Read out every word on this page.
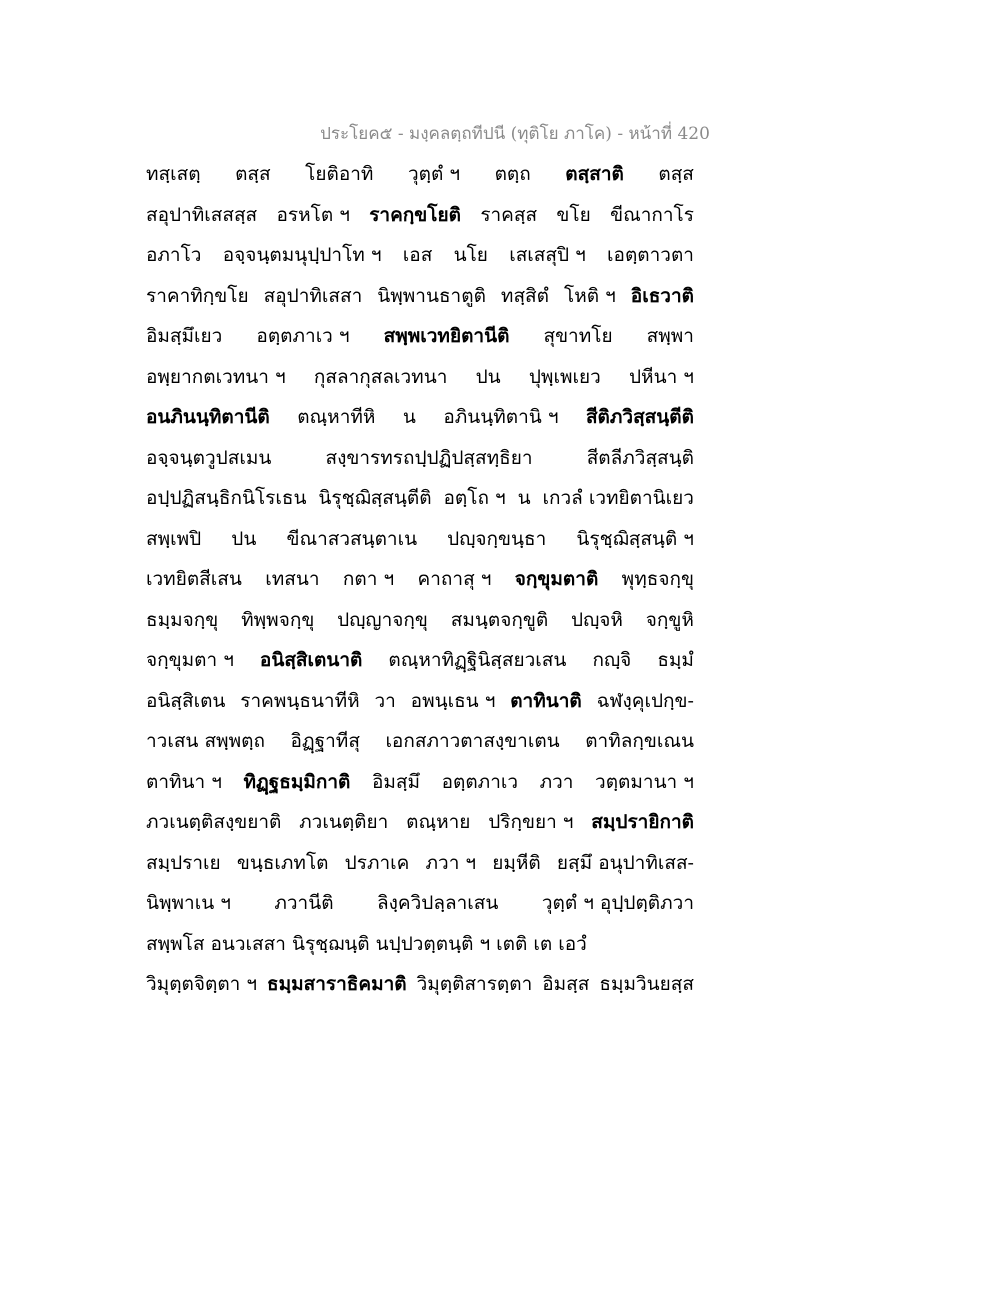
ประโยค๕ - มงฺคลตฺถทีปนี (ทุติโย ภาโค) - หน้าที่ 420
ทสฺเสตฺ ตสฺส โยติอาทิ วุตฺตํ ฯ ตตฺถ ตสฺสาติ ตสฺส
สอุปาทิเสสสฺส อรหโต ฯ ราคกฺขโยติ ราคสฺส ขโย ขีณากาโร
อภาโว อจฺจนฺตมนุปฺปาโท ฯ เอส นโย เสเสสุปิ ฯ เอตฺตาวตา
ราคาทิกฺขโย สอุปาทิเสสา นิพฺพานธาตูติ ทสฺสิตํ โหติ ฯ อิเธวาติ
อิมสฺมึเยว อตฺตภาเว ฯ สพฺพเวทยิตานีติ สุขาทโย สพฺพา
อพฺยากตเวทนา ฯ กุสลากุสลเวทนา ปน ปุพฺเพเยว ปหีนา ฯ
อนภินนฺทิตานีติ ตณฺหาทีหิ น อภินนฺทิตานิ ฯ สีติภวิสฺสนฺตีติ
อจฺจนฺตวูปสเมน	สงฺขารทรถปฺปฏิปสฺสทฺธิยา	สีตลีภวิสฺสนฺติ
อปฺปฏิสนฺธิกนิโรเธน นิรุชฺฌิสฺสนฺตีติ อตฺโถ ฯ น เกวลํ เวทยิตานิเยว
สพฺเพปิ ปน ขีณาสวสนฺตาเน ปญฺจกฺขนฺธา นิรุชฺฌิสฺสนฺติ ฯ
เวทยิตสีเสน เทสนา กตา ฯ คาถาสุ ฯ จกฺขุมตาติ พุทฺธจกฺขุ
ธมฺมจกฺขุ ทิพฺพจกฺขุ ปญฺญาจกฺขุ สมนฺตจกฺขูติ ปญฺจหิ จกฺขูหิ
จกฺขุมตา ฯ อนิสฺสิเตนาติ ตณฺหาทิฏฺฐินิสฺสยวเสน กญฺจิ ธมฺมํ
อนิสฺสิเตน ราคพนฺธนาทีหิ วา อพนฺเธน ฯ ตาทินาติ ฉฬงฺคุเปกฺข-
าวเสน สพฺพตฺถ อิฏฺฐาทีสุ เอกสภาวตาสงฺขาเตน ตาทิลกฺขเณน
ตาทินา ฯ ทิฏฺฐธมฺมิกาติ อิมสฺมึ อตฺตภาเว ภวา วตฺตมานา ฯ
ภวเนตฺติสงฺขยาติ ภวเนตฺติยา ตณฺหาย ปริกฺขยา ฯ สมฺปรายิกาติ
สมฺปราเย ขนฺธเภทโต ปรภาเค ภวา ฯ ยมฺหีติ ยสฺมึ อนุปาทิเสส-
นิพฺพาเน ฯ ภวานีติ ลิงฺควิปลฺลาเสน วุตฺตํ ฯ อุปฺปตฺติภวา
สพฺพโส อนวเสสา นิรุชฺฌนฺติ นปฺปวตฺตนฺติ ฯ เตติ เต เอวํ
วิมุตฺตจิตฺตา ฯ ธมฺมสาราธิคมาติ วิมุตฺติสารตฺตา อิมสฺส ธมฺมวินยสฺส
